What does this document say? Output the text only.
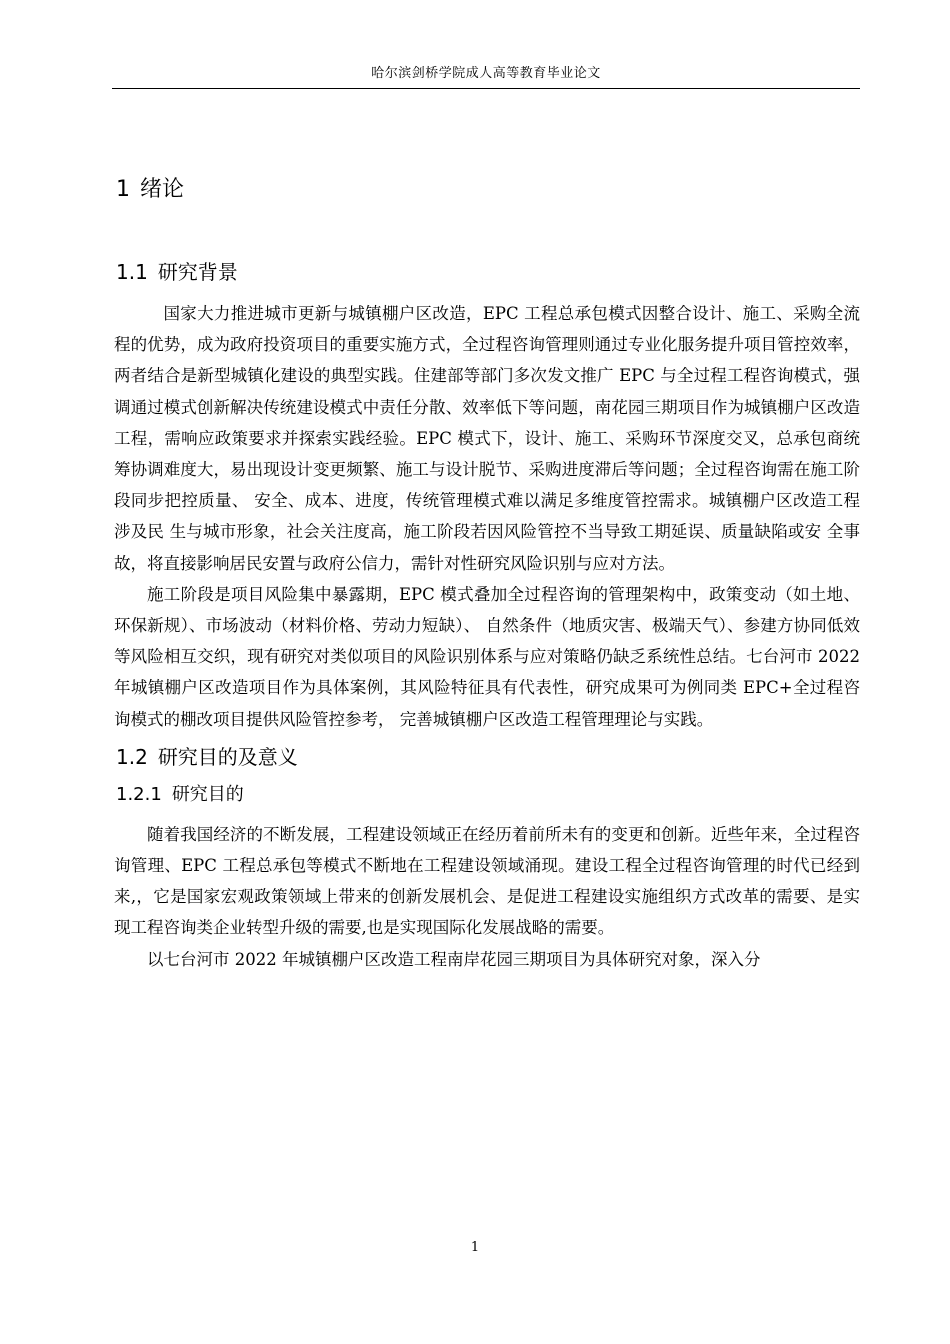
哈尔滨剑桥学院成人高等教育毕业论文
1 绪论
1.1 研究背景

国家大力推进城市更新与城镇棚户区改造，EPC 工程总承包模式因整合设计、施工、采购全流程的优势，成为政府投资项目的重要实施方式，全过程咨询管理则通过专业化服务提升项目管控效率，两者结合是新型城镇化建设的典型实践。住建部等部门多次发文推广 EPC 与全过程工程咨询模式，强调通过模式创新解决传统建设模式中责任分散、效率低下等问题，南花园三期项目作为城镇棚户区改造工程，需响应政策要求并探索实践经验。EPC 模式下，设计、施工、采购环节深度交叉，总承包商统筹协调难度大，易出现设计变更频繁、施工与设计脱节、采购进度滞后等问题；全过程咨询需在施工阶段同步把控质量、 安全、成本、进度，传统管理模式难以满足多维度管控需求。城镇棚户区改造工程涉及民 生与城市形象，社会关注度高，施工阶段若因风险管控不当导致工期延误、质量缺陷或安 全事故，将直接影响居民安置与政府公信力，需针对性研究风险识别与应对方法。

施工阶段是项目风险集中暴露期，EPC 模式叠加全过程咨询的管理架构中，政策变动（如土地、环保新规）、市场波动（材料价格、劳动力短缺）、 自然条件（地质灾害、极端天气）、参建方协同低效等风险相互交织，现有研究对类似项目的风险识别体系与应对策略仍缺乏系统性总结。七台河市 2022 年城镇棚户区改造项目作为具体案例，其风险特征具有代表性，研究成果可为例同类 EPC+全过程咨询模式的棚改项目提供风险管控参考， 完善城镇棚户区改造工程管理理论与实践。

1.2 研究目的及意义
1.2.1 研究目的

随着我国经济的不断发展，工程建设领域正在经历着前所未有的变更和创新。近些年来，全过程咨询管理、EPC 工程总承包等模式不断地在工程建设领域涌现。建设工程全过程咨询管理的时代已经到来,，它是国家宏观政策领域上带来的创新发展机会、是促进工程建设实施组织方式改革的需要、是实现工程咨询类企业转型升级的需要,也是实现国际化发展战略的需要。

以七台河市 2022 年城镇棚户区改造工程南岸花园三期项目为具体研究对象，深入分

1
